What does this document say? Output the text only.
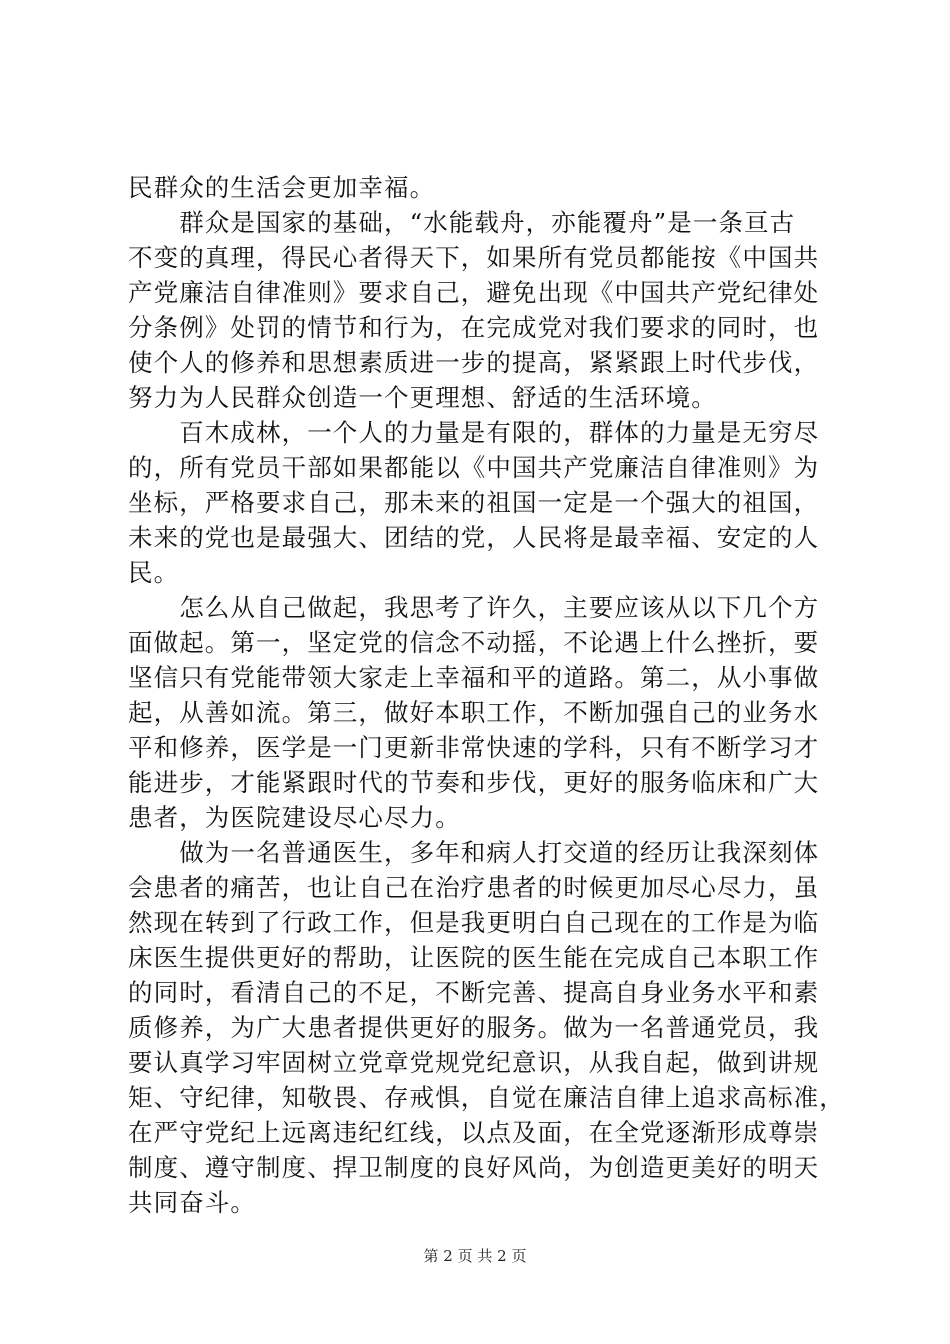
民群众的生活会更加幸福。
　　群众是国家的基础，“水能载舟，亦能覆舟”是一条亘古
不变的真理，得民心者得天下，如果所有党员都能按《中国共
产党廉洁自律准则》要求自己，避免出现《中国共产党纪律处
分条例》处罚的情节和行为，在完成党对我们要求的同时，也
使个人的修养和思想素质进一步的提高，紧紧跟上时代步伐，
努力为人民群众创造一个更理想、舒适的生活环境。
　　百木成林，一个人的力量是有限的，群体的力量是无穷尽
的，所有党员干部如果都能以《中国共产党廉洁自律准则》为
坐标，严格要求自己，那未来的祖国一定是一个强大的祖国，
未来的党也是最强大、团结的党，人民将是最幸福、安定的人
民。
　　怎么从自己做起，我思考了许久，主要应该从以下几个方
面做起。第一，坚定党的信念不动摇，不论遇上什么挫折，要
坚信只有党能带领大家走上幸福和平的道路。第二，从小事做
起，从善如流。第三，做好本职工作，不断加强自己的业务水
平和修养，医学是一门更新非常快速的学科，只有不断学习才
能进步，才能紧跟时代的节奏和步伐，更好的服务临床和广大
患者，为医院建设尽心尽力。
　　做为一名普通医生，多年和病人打交道的经历让我深刻体
会患者的痛苦，也让自己在治疗患者的时候更加尽心尽力，虽
然现在转到了行政工作，但是我更明白自己现在的工作是为临
床医生提供更好的帮助，让医院的医生能在完成自己本职工作
的同时，看清自己的不足，不断完善、提高自身业务水平和素
质修养，为广大患者提供更好的服务。做为一名普通党员，我
要认真学习牢固树立党章党规党纪意识，从我自起，做到讲规
矩、守纪律，知敬畏、存戒惧，自觉在廉洁自律上追求高标准，
在严守党纪上远离违纪红线，以点及面，在全党逐渐形成尊崇
制度、遵守制度、捍卫制度的良好风尚，为创造更美好的明天
共同奋斗。
第 2 页 共 2 页
